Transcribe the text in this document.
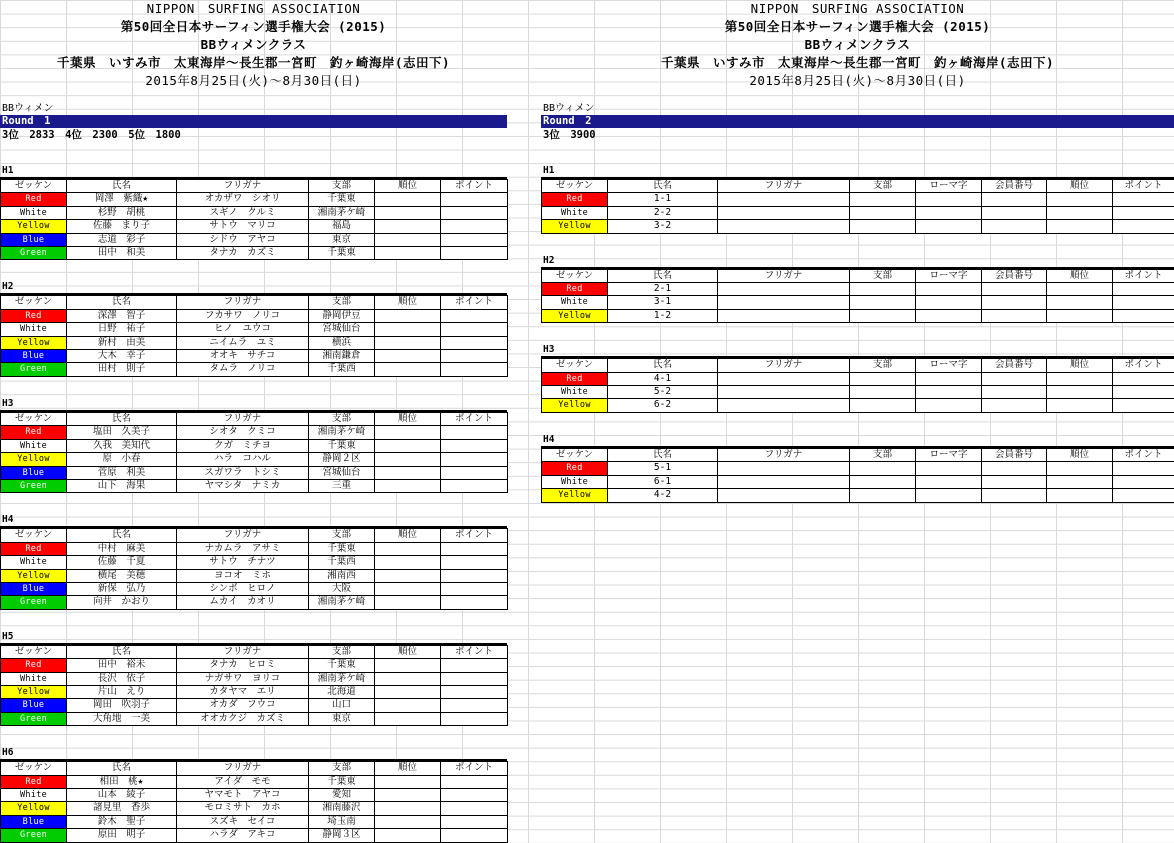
NIPPON　SURFING ASSOCIATION
第50回全日本サーフィン選手権大会 (2015)
BBウィメンクラス
千葉県　いすみ市　太東海岸～長生郡一宮町　釣ヶ崎海岸(志田下)
2015年8月25日(火)～8月30日(日)
BBウィメン
Round　1
3位　2833　4位　2300　5位　1800
H1
ゼッケン	氏名	フリガナ	支部	順位	ポイント
Red	岡澤　紫織★	オカザワ　シオリ	千葉東		
White	杉野　胡桃	スギノ　クルミ	湘南茅ケ崎		
Yellow	佐藤　まり子	サトウ　マリコ	福島		
Blue	志道　彩子	シドウ　アヤコ	東京		
Green	田中　和美	タナカ　カズミ	千葉東		
H2
ゼッケン	氏名	フリガナ	支部	順位	ポイント
Red	深澤　智子	フカサワ　ノリコ	静岡伊豆		
White	日野　祐子	ヒノ　ユウコ	宮城仙台		
Yellow	新村　由美	ニイムラ　ユミ	横浜		
Blue	大木　幸子	オオキ　サチコ	湘南鎌倉		
Green	田村　則子	タムラ　ノリコ	千葉西		
H3
ゼッケン	氏名	フリガナ	支部	順位	ポイント
Red	塩田　久美子	シオタ　クミコ	湘南茅ケ崎		
White	久我　美知代	クガ　ミチヨ	千葉東		
Yellow	原　小春	ハラ　コハル	静岡２区		
Blue	菅原　利美	スガワラ　トシミ	宮城仙台		
Green	山下　海果	ヤマシタ　ナミカ	三重		
H4
ゼッケン	氏名	フリガナ	支部	順位	ポイント
Red	中村　麻美	ナカムラ　アサミ	千葉東		
White	佐藤　千夏	サトウ　チナツ	千葉西		
Yellow	横尾　美穂	ヨコオ　ミホ	湘南西		
Blue	新保　弘乃	シンボ　ヒロノ	大阪		
Green	向井　かおり	ムカイ　カオリ	湘南茅ケ崎		
H5
ゼッケン	氏名	フリガナ	支部	順位	ポイント
Red	田中　裕未	タナカ　ヒロミ	千葉東		
White	長沢　依子	ナガサワ　ヨリコ	湘南茅ケ崎		
Yellow	片山　えり	カタヤマ　エリ	北海道		
Blue	岡田　吹羽子	オカダ　フウコ	山口		
Green	大角地　一美	オオカクジ　カズミ	東京		
H6
ゼッケン	氏名	フリガナ	支部	順位	ポイント
Red	相田　桃★	アイダ　モモ	千葉東		
White	山本　綾子	ヤマモト　アヤコ	愛知		
Yellow	諸見里　香歩	モロミサト　カホ	湘南藤沢		
Blue	鈴木　聖子	スズキ　セイコ	埼玉南		
Green	原田　明子	ハラダ　アキコ	静岡３区		
NIPPON　SURFING ASSOCIATION
第50回全日本サーフィン選手権大会 (2015)
BBウィメンクラス
千葉県　いすみ市　太東海岸～長生郡一宮町　釣ヶ崎海岸(志田下)
2015年8月25日(火)～8月30日(日)
BBウィメン
Round　2
3位　3900
H1
ゼッケン	氏名	フリガナ	支部	ローマ字	会員番号	順位	ポイント
Red	1-1						
White	2-2						
Yellow	3-2						
H2
ゼッケン	氏名	フリガナ	支部	ローマ字	会員番号	順位	ポイント
Red	2-1						
White	3-1						
Yellow	1-2						
H3
ゼッケン	氏名	フリガナ	支部	ローマ字	会員番号	順位	ポイント
Red	4-1						
White	5-2						
Yellow	6-2						
H4
ゼッケン	氏名	フリガナ	支部	ローマ字	会員番号	順位	ポイント
Red	5-1						
White	6-1						
Yellow	4-2						
